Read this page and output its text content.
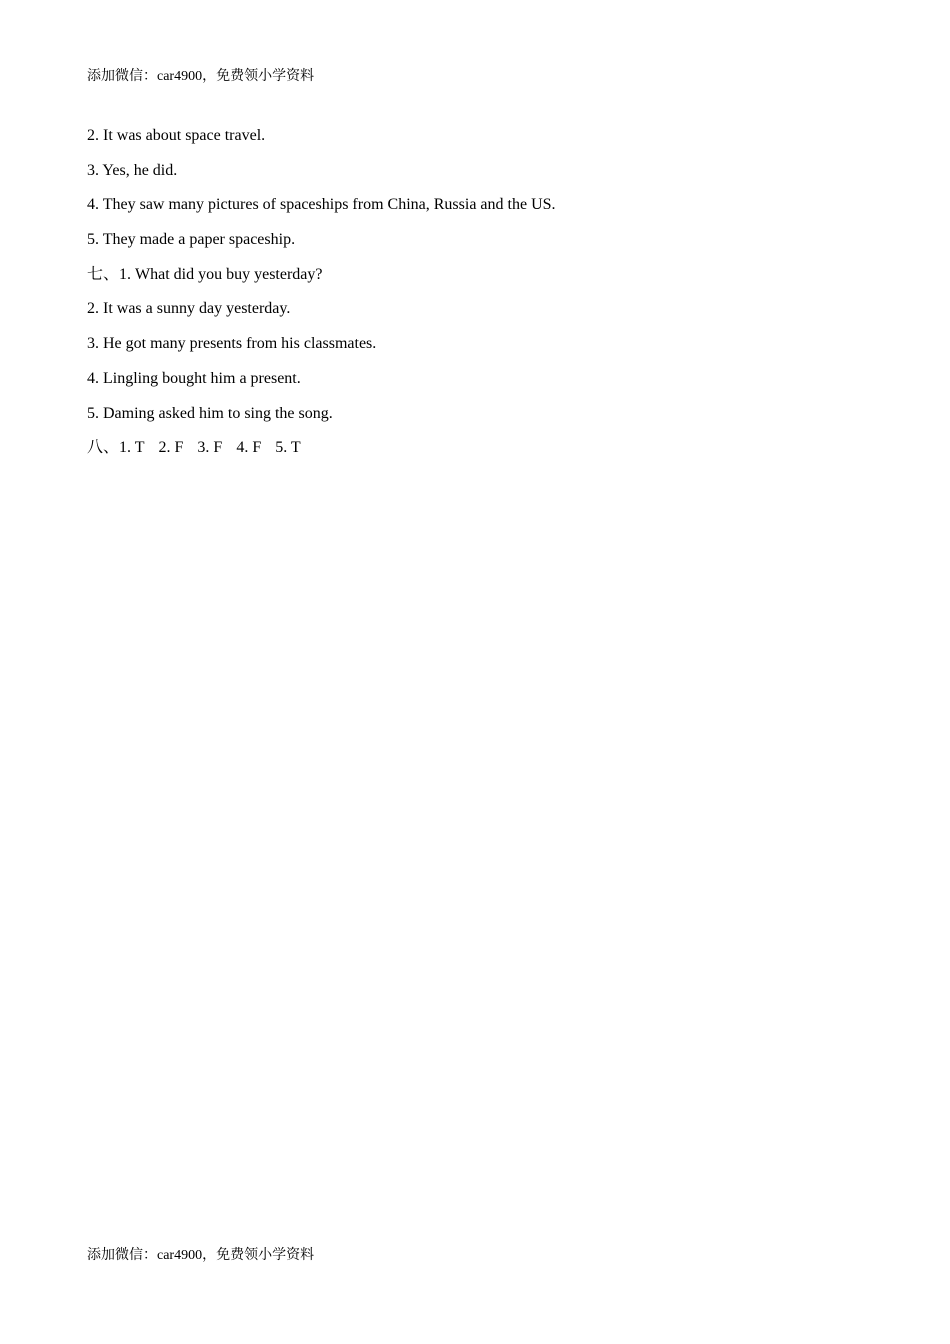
添加微信：car4900，免费领小学资料
2. It was about space travel.
3. Yes, he did.
4. They saw many pictures of spaceships from China, Russia and the US.
5. They made a paper spaceship.
七、1. What did you buy yesterday?
2. It was a sunny day yesterday.
3. He got many presents from his classmates.
4. Lingling bought him a present.
5. Daming asked him to sing the song.
八、1. T 2. F 3. F 4. F 5. T
添加微信：car4900，免费领小学资料
